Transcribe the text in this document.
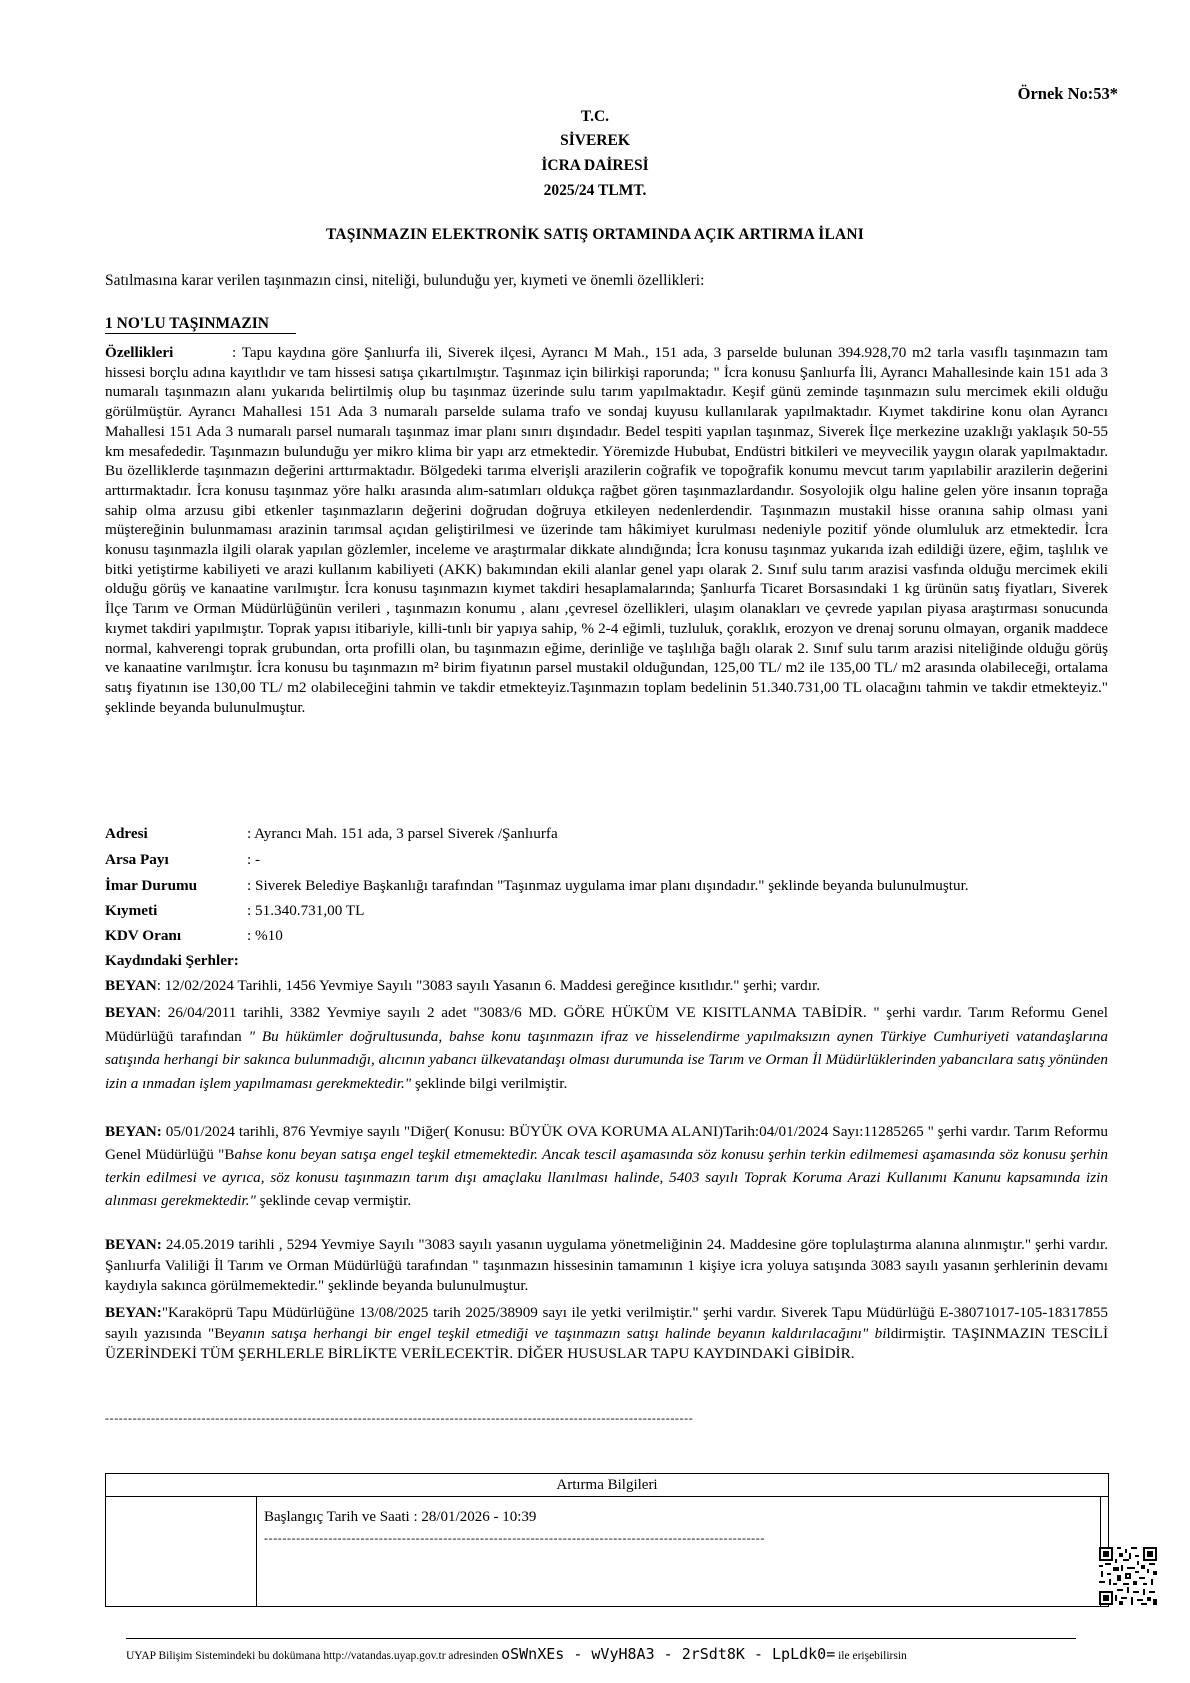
Örnek No:53*
T.C.
SİVEREK
İCRA DAİRESİ
2025/24 TLMT.
TAŞINMAZIN ELEKTRONİK SATIŞ ORTAMINDA AÇIK ARTIRMA İLANI
Satılmasına karar verilen taşınmazın cinsi, niteliği, bulunduğu yer, kıymeti ve önemli özellikleri:
1 NO'LU TAŞINMAZIN
Özellikleri	: Tapu kaydına göre Şanlıurfa ili, Siverek ilçesi, Ayrancı M Mah., 151 ada, 3 parselde bulunan 394.928,70 m2 tarla vasıflı taşınmazın tam hissesi borçlu adına kayıtlıdır ve tam hissesi satışa çıkartılmıştır. Taşınmaz için bilirkişi raporunda; " İcra konusu Şanlıurfa İli, Ayrancı Mahallesinde kain 151 ada 3 numaralı taşınmazın alanı yukarıda belirtilmiş olup bu taşınmaz üzerinde sulu tarım yapılmaktadır. Keşif günü zeminde taşınmazın sulu mercimek ekili olduğu görülmüştür. Ayrancı Mahallesi 151 Ada 3 numaralı parselde sulama trafo ve sondaj kuyusu kullanılarak yapılmaktadır. Kıymet takdirine konu olan Ayrancı Mahallesi 151 Ada 3 numaralı parsel numaralı taşınmaz imar planı sınırı dışındadır. Bedel tespiti yapılan taşınmaz, Siverek İlçe merkezine uzaklığı yaklaşık 50-55 km mesafededir. Taşınmazın bulunduğu yer mikro klima bir yapı arz etmektedir. Yöremizde Hububat, Endüstri bitkileri ve meyvecilik yaygın olarak yapılmaktadır. Bu özelliklerde taşınmazın değerini arttırmaktadır. Bölgedeki tarıma elverişli arazilerin coğrafik ve topoğrafik konumu mevcut tarım yapılabilir arazilerin değerini arttırmaktadır. İcra konusu taşınmaz yöre halkı arasında alım-satımları oldukça rağbet gören taşınmazlardandır. Sosyolojik olgu haline gelen yöre insanın toprağa sahip olma arzusu gibi etkenler taşınmazların değerini doğrudan doğruya etkileyen nedenlerdendir. Taşınmazın mustakil hisse oranına sahip olması yani müştereğinin bulunmaması arazinin tarımsal açıdan geliştirilmesi ve üzerinde tam hâkimiyet kurulması nedeniyle pozitif yönde olumluluk arz etmektedir. İcra konusu taşınmazla ilgili olarak yapılan gözlemler, inceleme ve araştırmalar dikkate alındığında; İcra konusu taşınmaz yukarıda izah edildiği üzere, eğim, taşlılık ve bitki yetiştirme kabiliyeti ve arazi kullanım kabiliyeti (AKK) bakımından ekili alanlar genel yapı olarak 2. Sınıf sulu tarım arazisi vasfında olduğu mercimek ekili olduğu görüş ve kanaatine varılmıştır. İcra konusu taşınmazın kıymet takdiri hesaplamalarında; Şanlıurfa Ticaret Borsasındaki 1 kg ürünün satış fiyatları, Siverek İlçe Tarım ve Orman Müdürlüğünün verileri , taşınmazın konumu , alanı ,çevresel özellikleri, ulaşım olanakları ve çevrede yapılan piyasa araştırması sonucunda kıymet takdiri yapılmıştır. Toprak yapısı itibariyle, killi-tınlı bir yapıya sahip, % 2-4 eğimli, tuzluluk, çoraklık, erozyon ve drenaj sorunu olmayan, organik maddece normal, kahverengi toprak grubundan, orta profilli olan, bu taşınmazın eğime, derinliğe ve taşlılığa bağlı olarak 2. Sınıf sulu tarım arazisi niteliğinde olduğu görüş ve kanaatine varılmıştır. İcra konusu bu taşınmazın m² birim fiyatının parsel mustakil olduğundan, 125,00 TL/ m2 ile 135,00 TL/ m2 arasında olabileceği, ortalama satış fiyatının ise 130,00 TL/ m2 olabileceğini tahmin ve takdir etmekteyiz.Taşınmazın toplam bedelinin 51.340.731,00 TL olacağını tahmin ve takdir etmekteyiz." şeklinde beyanda bulunulmuştur.
Adresi	: Ayrancı Mah. 151 ada, 3 parsel Siverek /Şanlıurfa
Arsa Payı	: -
İmar Durumu	: Siverek Belediye Başkanlığı tarafından "Taşınmaz uygulama imar planı dışındadır." şeklinde beyanda bulunulmuştur.
Kıymeti	: 51.340.731,00 TL
KDV Oranı	: %10
Kaydındaki Şerhler:
BEYAN: 12/02/2024 Tarihli, 1456 Yevmiye Sayılı "3083 sayılı Yasanın 6. Maddesi gereğince kısıtlıdır." şerhi; vardır.
BEYAN: 26/04/2011 tarihli, 3382 Yevmiye sayılı 2 adet "3083/6 MD. GÖRE HÜKÜM VE KISITLANMA TABİDİR. " şerhi vardır. Tarım Reformu Genel Müdürlüğü tarafından " Bu hükümler doğrultusunda, bahse konu taşınmazın ifraz ve hisselendirme yapılmaksızın aynen Türkiye Cumhuriyeti vatandaşlarına satışında herhangi bir sakınca bulunmadığı, alıcının yabancı ülkevatandaşı olması durumunda ise Tarım ve Orman İl Müdürlüklerinden yabancılara satış yönünden izin a ınmadan işlem yapılmaması gerekmektedir." şeklinde bilgi verilmiştir.
BEYAN: 05/01/2024 tarihli, 876 Yevmiye sayılı "Diğer( Konusu: BÜYÜK OVA KORUMA ALANI)Tarih:04/01/2024 Sayı:11285265 " şerhi vardır. Tarım Reformu Genel Müdürlüğü "Bahse konu beyan satışa engel teşkil etmemektedir. Ancak tescil aşamasında söz konusu şerhin terkin edilmemesi aşamasında söz konusu şerhin terkin edilmesi ve ayrıca, söz konusu taşınmazın tarım dışı amaçlaku llanılması halinde, 5403 sayılı Toprak Koruma Arazi Kullanımı Kanunu kapsamında izin alınması gerekmektedir." şeklinde cevap vermiştir.
BEYAN: 24.05.2019 tarihli , 5294 Yevmiye Sayılı "3083 sayılı yasanın uygulama yönetmeliğinin 24. Maddesine göre toplulaştırma alanına alınmıştır." şerhi vardır. Şanlıurfa Valiliği İl Tarım ve Orman Müdürlüğü tarafından " taşınmazın hissesinin tamamının 1 kişiye icra yoluya satışında 3083 sayılı yasanın şerhlerinin devamı kaydıyla sakınca görülmemektedir." şeklinde beyanda bulunulmuştur.
BEYAN:"Karaköprü Tapu Müdürlüğüne 13/08/2025 tarih 2025/38909 sayı ile yetki verilmiştir." şerhi vardır. Siverek Tapu Müdürlüğü E-38071017-105-18317855 sayılı yazısında "Beyanın satışa herhangi bir engel teşkil etmediği ve taşınmazın satışı halinde beyanın kaldırılacağını" bildirmiştir. TAŞINMAZIN TESCİLİ ÜZERİNDEKİ TÜM ŞERHLERLE BİRLİKTE VERİLECEKTİR. DİĞER HUSUSLAR TAPU KAYDINDAKİ GİBİDİR.
--------------------------------------------------------------------------------------------------------------------------------
Artırma Bilgileri
Başlangıç Tarih ve Saati : 28/01/2026 - 10:39
-------------------------------------------------------------------------------------------------------------
UYAP Bilişim Sistemindeki bu dokümana http://vatandas.uyap.gov.tr adresinden oSWnXEs - wVyH8A3 - 2rSdt8K - LpLdk0= ile erişebilirsin
